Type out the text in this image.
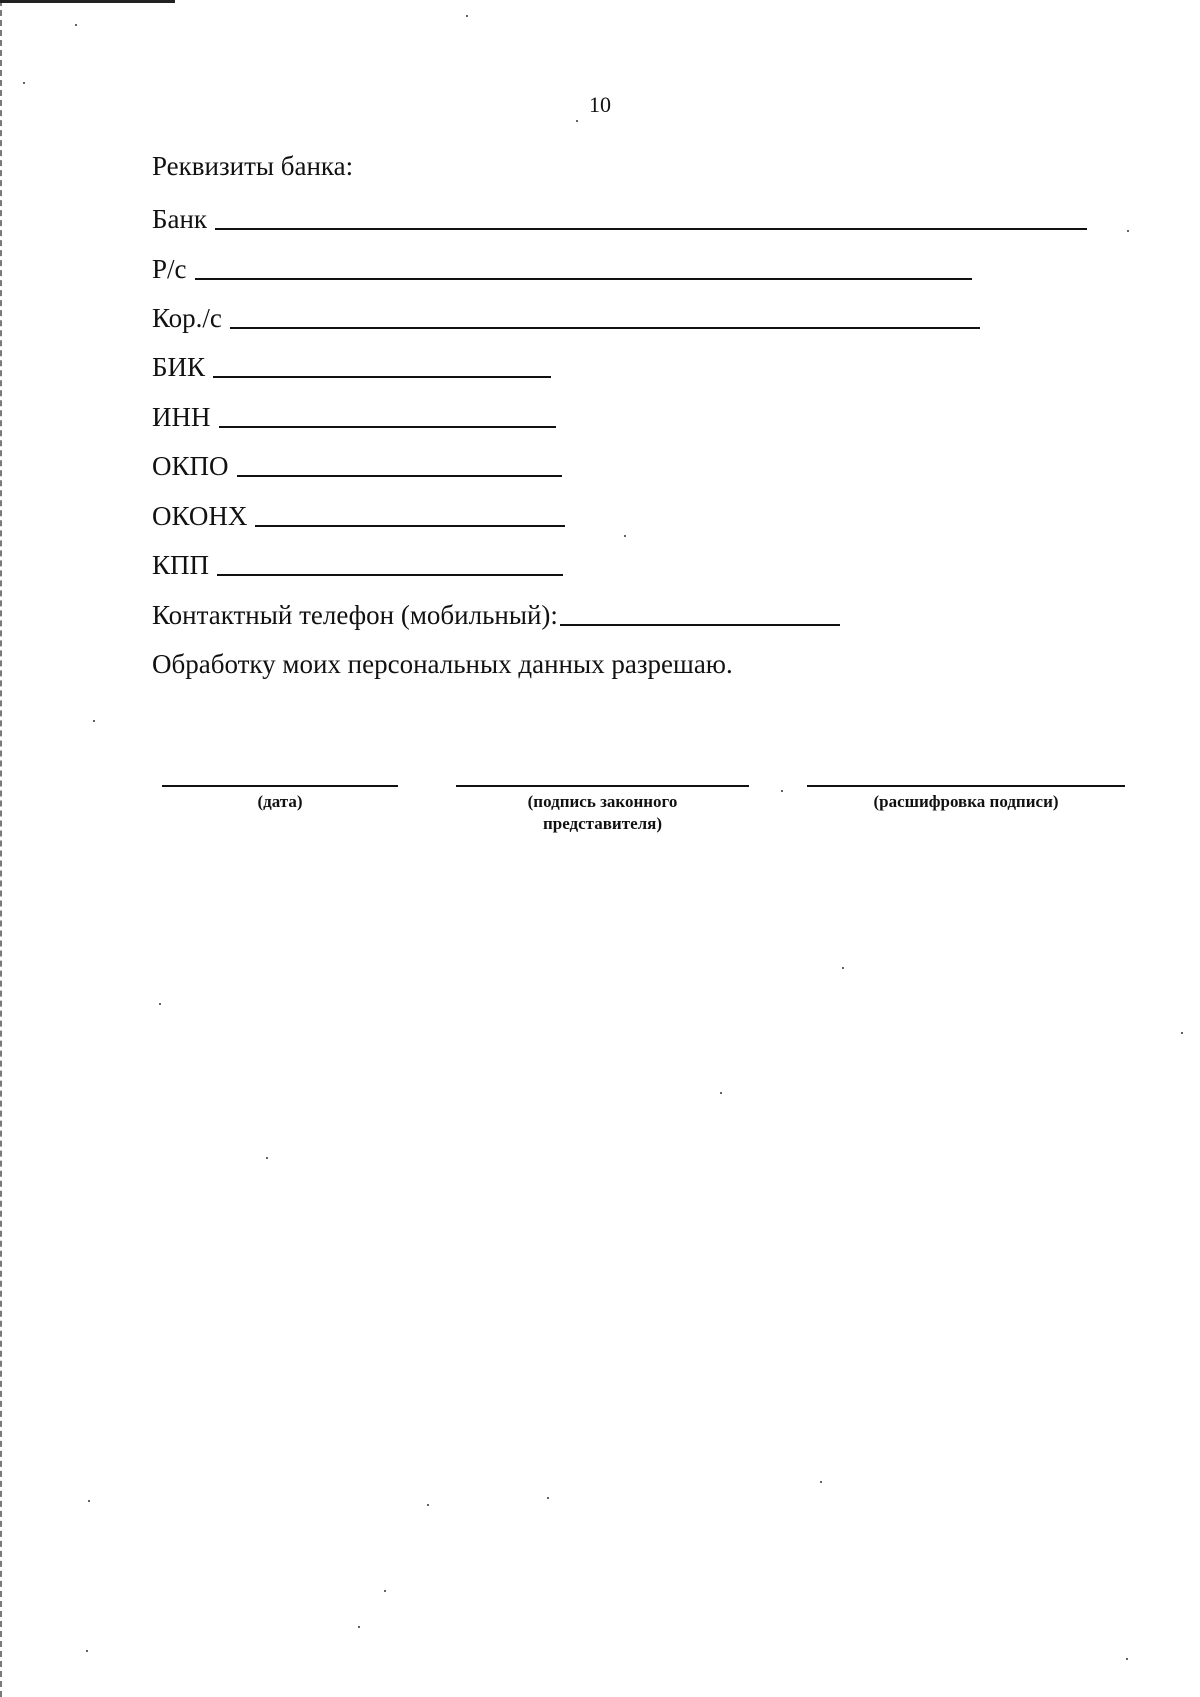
10
Реквизиты банка:
Банк
Р/с
Кор./с
БИК
ИНН
ОКПО
ОКОНХ
КПП
Контактный телефон (мобильный):
Обработку моих персональных данных разрешаю.
(дата)	(подпись законного
представителя)
(расшифровка подписи)
